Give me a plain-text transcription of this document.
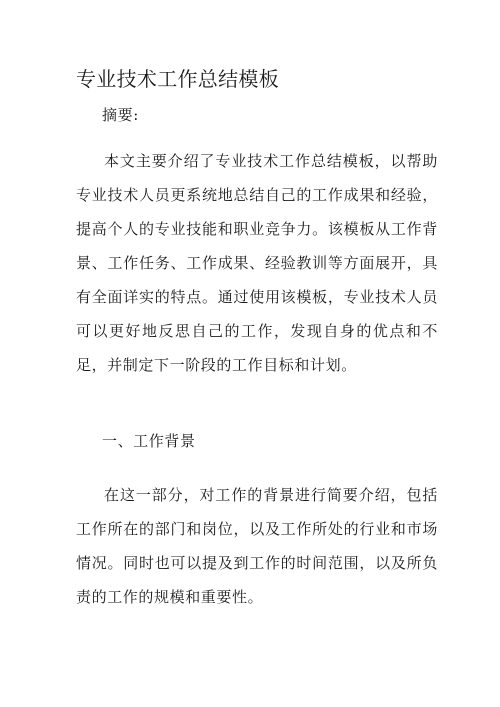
专业技术工作总结模板

摘要:

本文主要介绍了专业技术工作总结模板，以帮助专业技术人员更系统地总结自己的工作成果和经验，提高个人的专业技能和职业竞争力。该模板从工作背景、工作任务、工作成果、经验教训等方面展开，具有全面详实的特点。通过使用该模板，专业技术人员可以更好地反思自己的工作，发现自身的优点和不足，并制定下一阶段的工作目标和计划。

一、工作背景

在这一部分，对工作的背景进行简要介绍，包括工作所在的部门和岗位，以及工作所处的行业和市场情况。同时也可以提及到工作的时间范围，以及所负责的工作的规模和重要性。
